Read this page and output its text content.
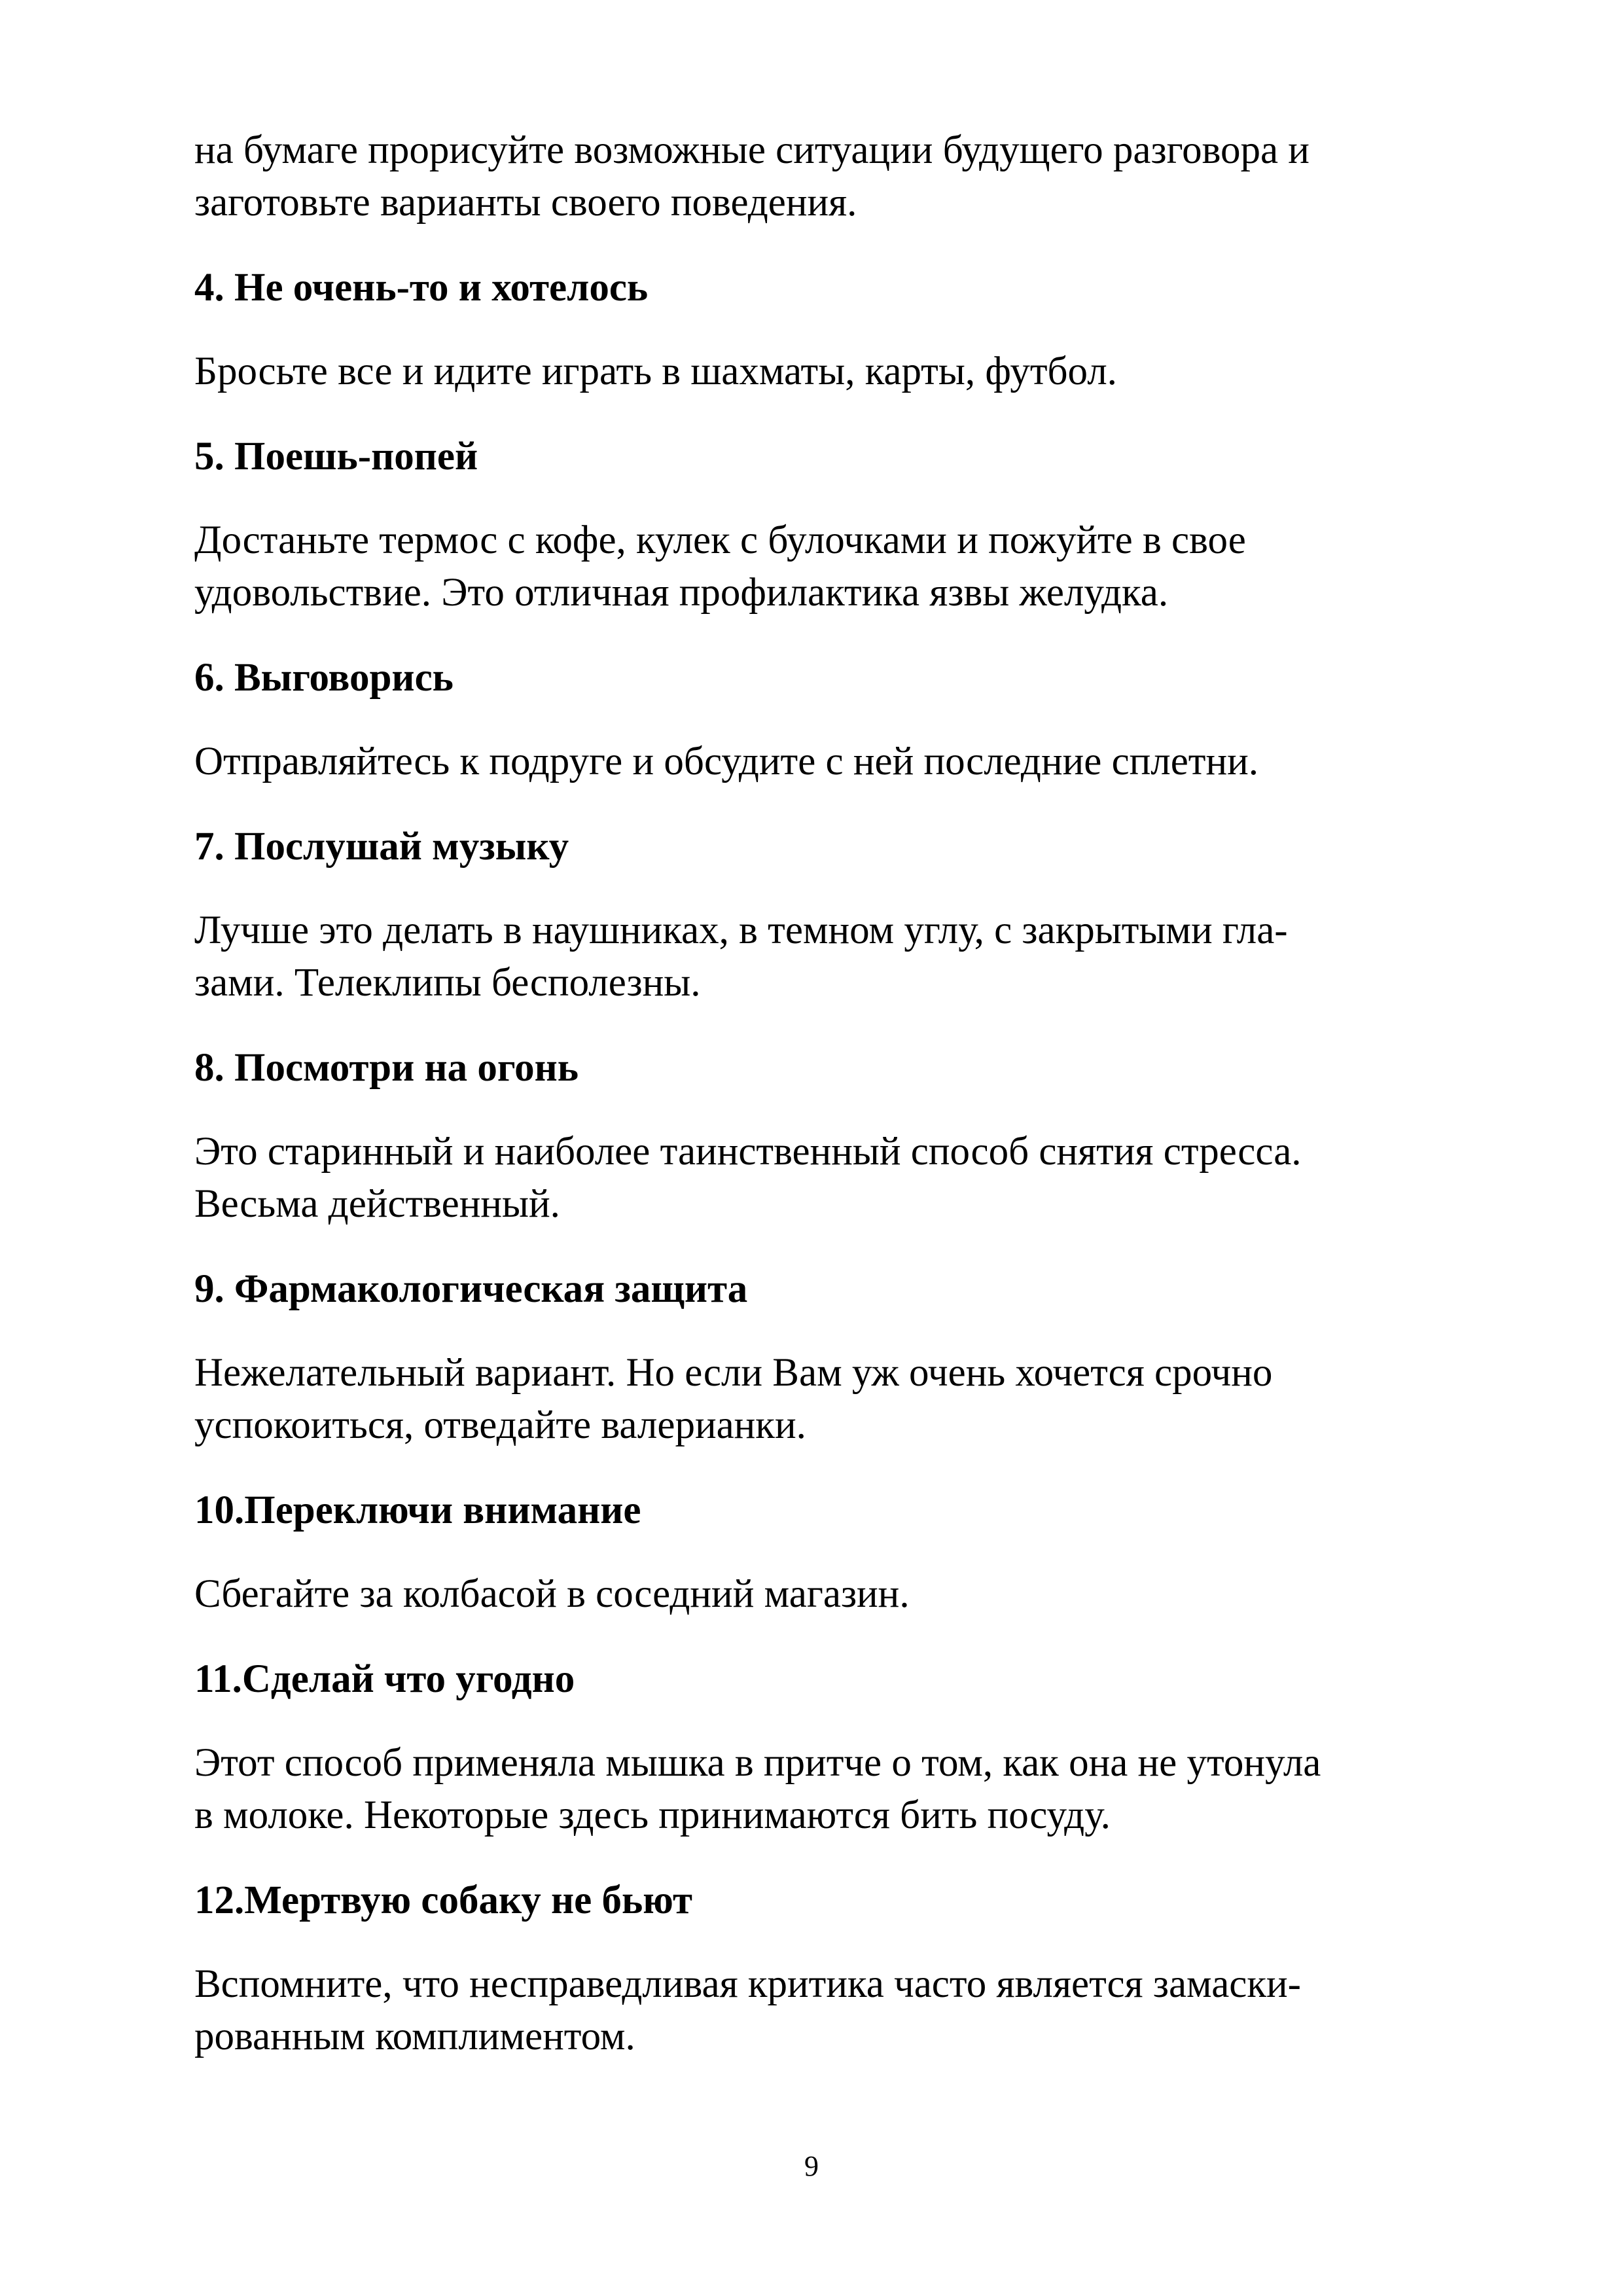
на бумаге прорисуйте возможные ситуации будущего разговора и
заготовьте варианты своего поведения.

4. Не очень-то и хотелось

Бросьте все и идите играть в шахматы, карты, футбол.

5. Поешь-попей

Достаньте термос с кофе, кулек с булочками и пожуйте в свое
удовольствие. Это отличная профилактика язвы желудка.

6. Выговорись

Отправляйтесь к подруге и обсудите с ней последние сплетни.

7. Послушай музыку

Лучше это делать в наушниках, в темном углу, с закрытыми гла-
зами. Телеклипы бесполезны.

8. Посмотри на огонь

Это старинный и наиболее таинственный способ снятия стресса.
Весьма действенный.

9. Фармакологическая защита

Нежелательный вариант. Но если Вам уж очень хочется срочно
успокоиться, отведайте валерианки.

10.Переключи внимание

Сбегайте за колбасой в соседний магазин.

11.Сделай что угодно

Этот способ применяла мышка в притче о том, как она не утонула
в молоке. Некоторые здесь принимаются бить посуду.

12.Мертвую собаку не бьют

Вспомните, что несправедливая критика часто является замаски-
рованным комплиментом.

9
